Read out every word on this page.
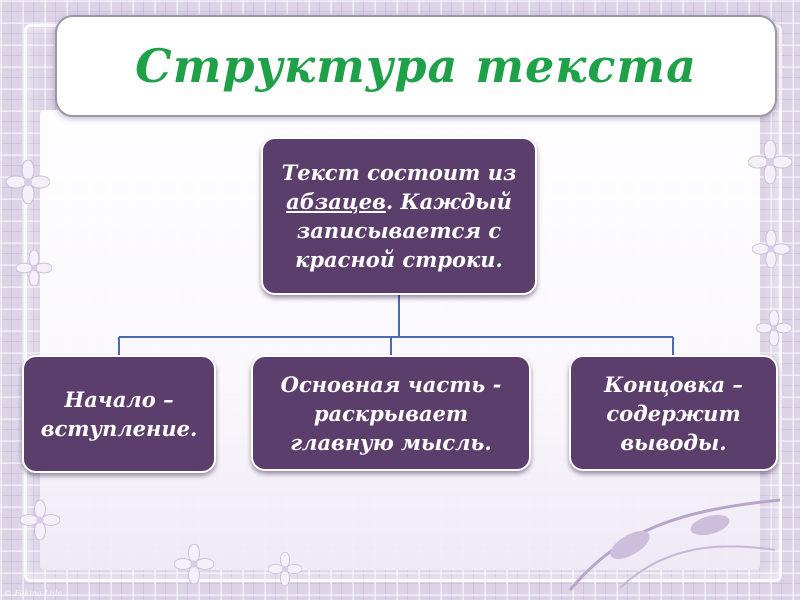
Структура текста
Текст состоит из абзацев. Каждый записывается с красной строки.
Начало – вступление.
Основная часть - раскрывает главную мысль.
Концовка – содержит выводы.
© Fokina Lida
